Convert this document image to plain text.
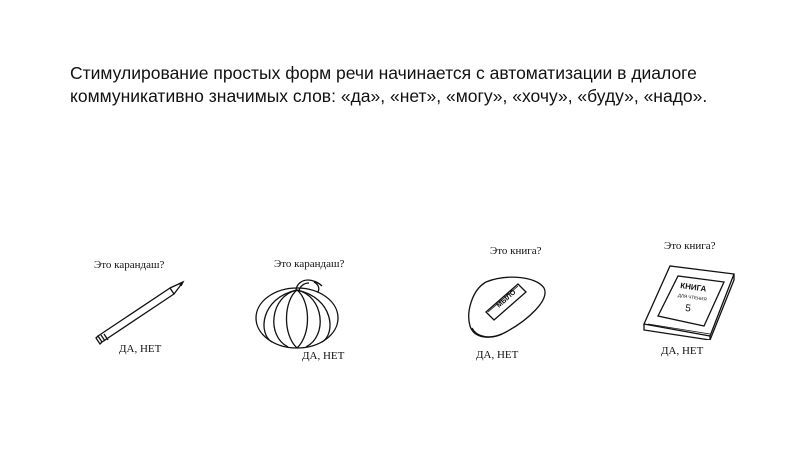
Стимулирование простых форм речи начинается с автоматизации в диалоге
коммуникативно значимых слов: «да», «нет», «могу», «хочу», «буду», «надо».
Это карандаш?
ДА, НЕТ
Это карандаш?
ДА, НЕТ
Это книга?
МЫЛО
ДА, НЕТ
Это книга?
КНИГА
ДЛЯ ЧТЕНИЯ
5
ДА, НЕТ
